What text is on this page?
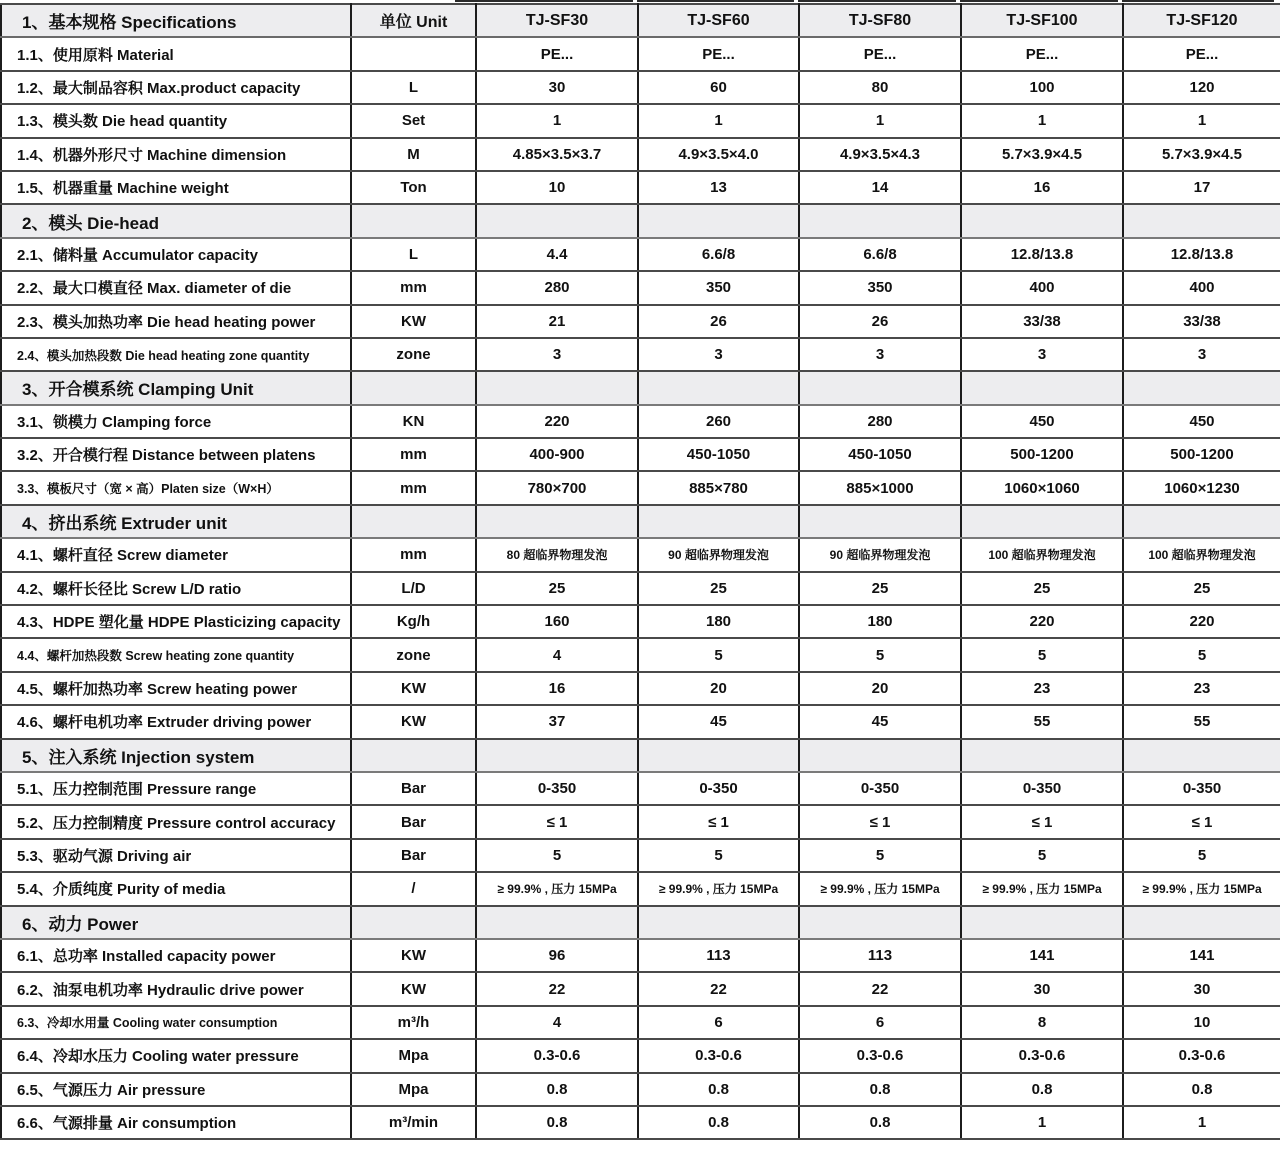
1、基本规格 Specifications	单位 Unit	TJ-SF30	TJ-SF60	TJ-SF80	TJ-SF100	TJ-SF120
1.1、使用原料 Material		PE...	PE...	PE...	PE...	PE...
1.2、最大制品容积 Max.product capacity	L	30	60	80	100	120
1.3、模头数 Die head quantity	Set	1	1	1	1	1
1.4、机器外形尺寸 Machine dimension	M	4.85×3.5×3.7	4.9×3.5×4.0	4.9×3.5×4.3	5.7×3.9×4.5	5.7×3.9×4.5
1.5、机器重量 Machine weight	Ton	10	13	14	16	17
2、模头 Die-head						
2.1、储料量 Accumulator capacity	L	4.4	6.6/8	6.6/8	12.8/13.8	12.8/13.8
2.2、最大口模直径 Max. diameter of die	mm	280	350	350	400	400
2.3、模头加热功率 Die head heating power	KW	21	26	26	33/38	33/38
2.4、模头加热段数 Die head heating zone quantity	zone	3	3	3	3	3
3、开合模系统 Clamping Unit						
3.1、锁模力 Clamping force	KN	220	260	280	450	450
3.2、开合模行程 Distance between platens	mm	400-900	450-1050	450-1050	500-1200	500-1200
3.3、模板尺寸（宽 × 高）Platen size（W×H）	mm	780×700	885×780	885×1000	1060×1060	1060×1230
4、挤出系统 Extruder unit						
4.1、螺杆直径 Screw diameter	mm	80 超临界物理发泡	90 超临界物理发泡	90 超临界物理发泡	100 超临界物理发泡	100 超临界物理发泡
4.2、螺杆长径比 Screw L/D ratio	L/D	25	25	25	25	25
4.3、HDPE 塑化量 HDPE Plasticizing capacity	Kg/h	160	180	180	220	220
4.4、螺杆加热段数 Screw heating zone quantity	zone	4	5	5	5	5
4.5、螺杆加热功率 Screw heating power	KW	16	20	20	23	23
4.6、螺杆电机功率 Extruder driving power	KW	37	45	45	55	55
5、注入系统 Injection system						
5.1、压力控制范围 Pressure range	Bar	0-350	0-350	0-350	0-350	0-350
5.2、压力控制精度 Pressure control accuracy	Bar	≤ 1	≤ 1	≤ 1	≤ 1	≤ 1
5.3、驱动气源 Driving air	Bar	5	5	5	5	5
5.4、介质纯度 Purity of media	/	≥ 99.9% , 压力 15MPa	≥ 99.9% , 压力 15MPa	≥ 99.9% , 压力 15MPa	≥ 99.9% , 压力 15MPa	≥ 99.9% , 压力 15MPa
6、动力 Power						
6.1、总功率 Installed capacity power	KW	96	113	113	141	141
6.2、油泵电机功率 Hydraulic drive power	KW	22	22	22	30	30
6.3、冷却水用量 Cooling water consumption	m³/h	4	6	6	8	10
6.4、冷却水压力 Cooling water pressure	Mpa	0.3-0.6	0.3-0.6	0.3-0.6	0.3-0.6	0.3-0.6
6.5、气源压力 Air pressure	Mpa	0.8	0.8	0.8	0.8	0.8
6.6、气源排量 Air consumption	m³/min	0.8	0.8	0.8	1	1
